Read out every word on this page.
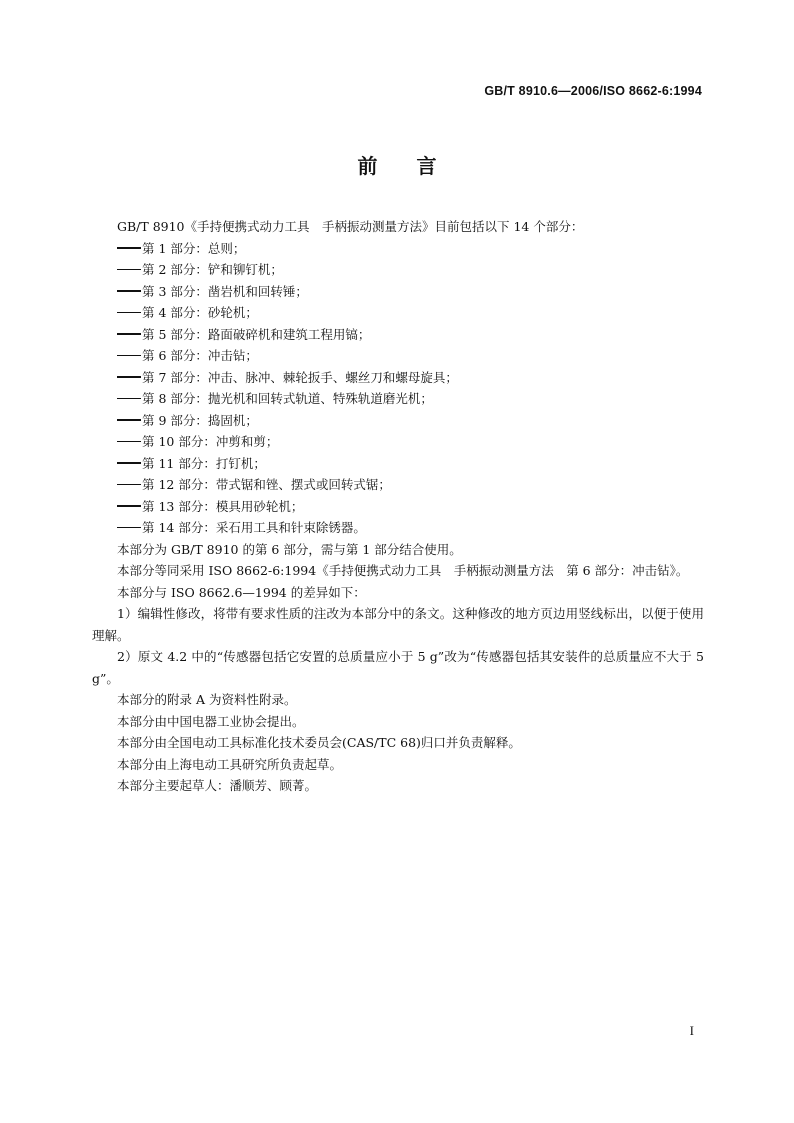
GB/T 8910.6—2006/ISO 8662-6:1994
前 言

GB/T 8910《手持便携式动力工具　手柄振动测量方法》目前包括以下 14 个部分：

第 1 部分：总则；

第 2 部分：铲和铆钉机；

第 3 部分：凿岩机和回转锤；

第 4 部分：砂轮机；

第 5 部分：路面破碎机和建筑工程用镐；

第 6 部分：冲击钻；

第 7 部分：冲击、脉冲、棘轮扳手、螺丝刀和螺母旋具；

第 8 部分：抛光机和回转式轨道、特殊轨道磨光机；

第 9 部分：捣固机；

第 10 部分：冲剪和剪；

第 11 部分：打钉机；

第 12 部分：带式锯和锉、摆式或回转式锯；

第 13 部分：模具用砂轮机；

第 14 部分：采石用工具和针束除锈器。

本部分为 GB/T 8910 的第 6 部分，需与第 1 部分结合使用。

本部分等同采用 ISO 8662-6:1994《手持便携式动力工具　手柄振动测量方法　第 6 部分：冲击钻》。

本部分与 ISO 8662.6—1994 的差异如下：

1）编辑性修改，将带有要求性质的注改为本部分中的条文。这种修改的地方页边用竖线标出，以便于使用理解。

2）原文 4.2 中的“传感器包括它安置的总质量应小于 5 g”改为“传感器包括其安装件的总质量应不大于 5 g”。

本部分的附录 A 为资料性附录。

本部分由中国电器工业协会提出。

本部分由全国电动工具标准化技术委员会(CAS/TC 68)归口并负责解释。

本部分由上海电动工具研究所负责起草。

本部分主要起草人：潘顺芳、顾菁。

I
